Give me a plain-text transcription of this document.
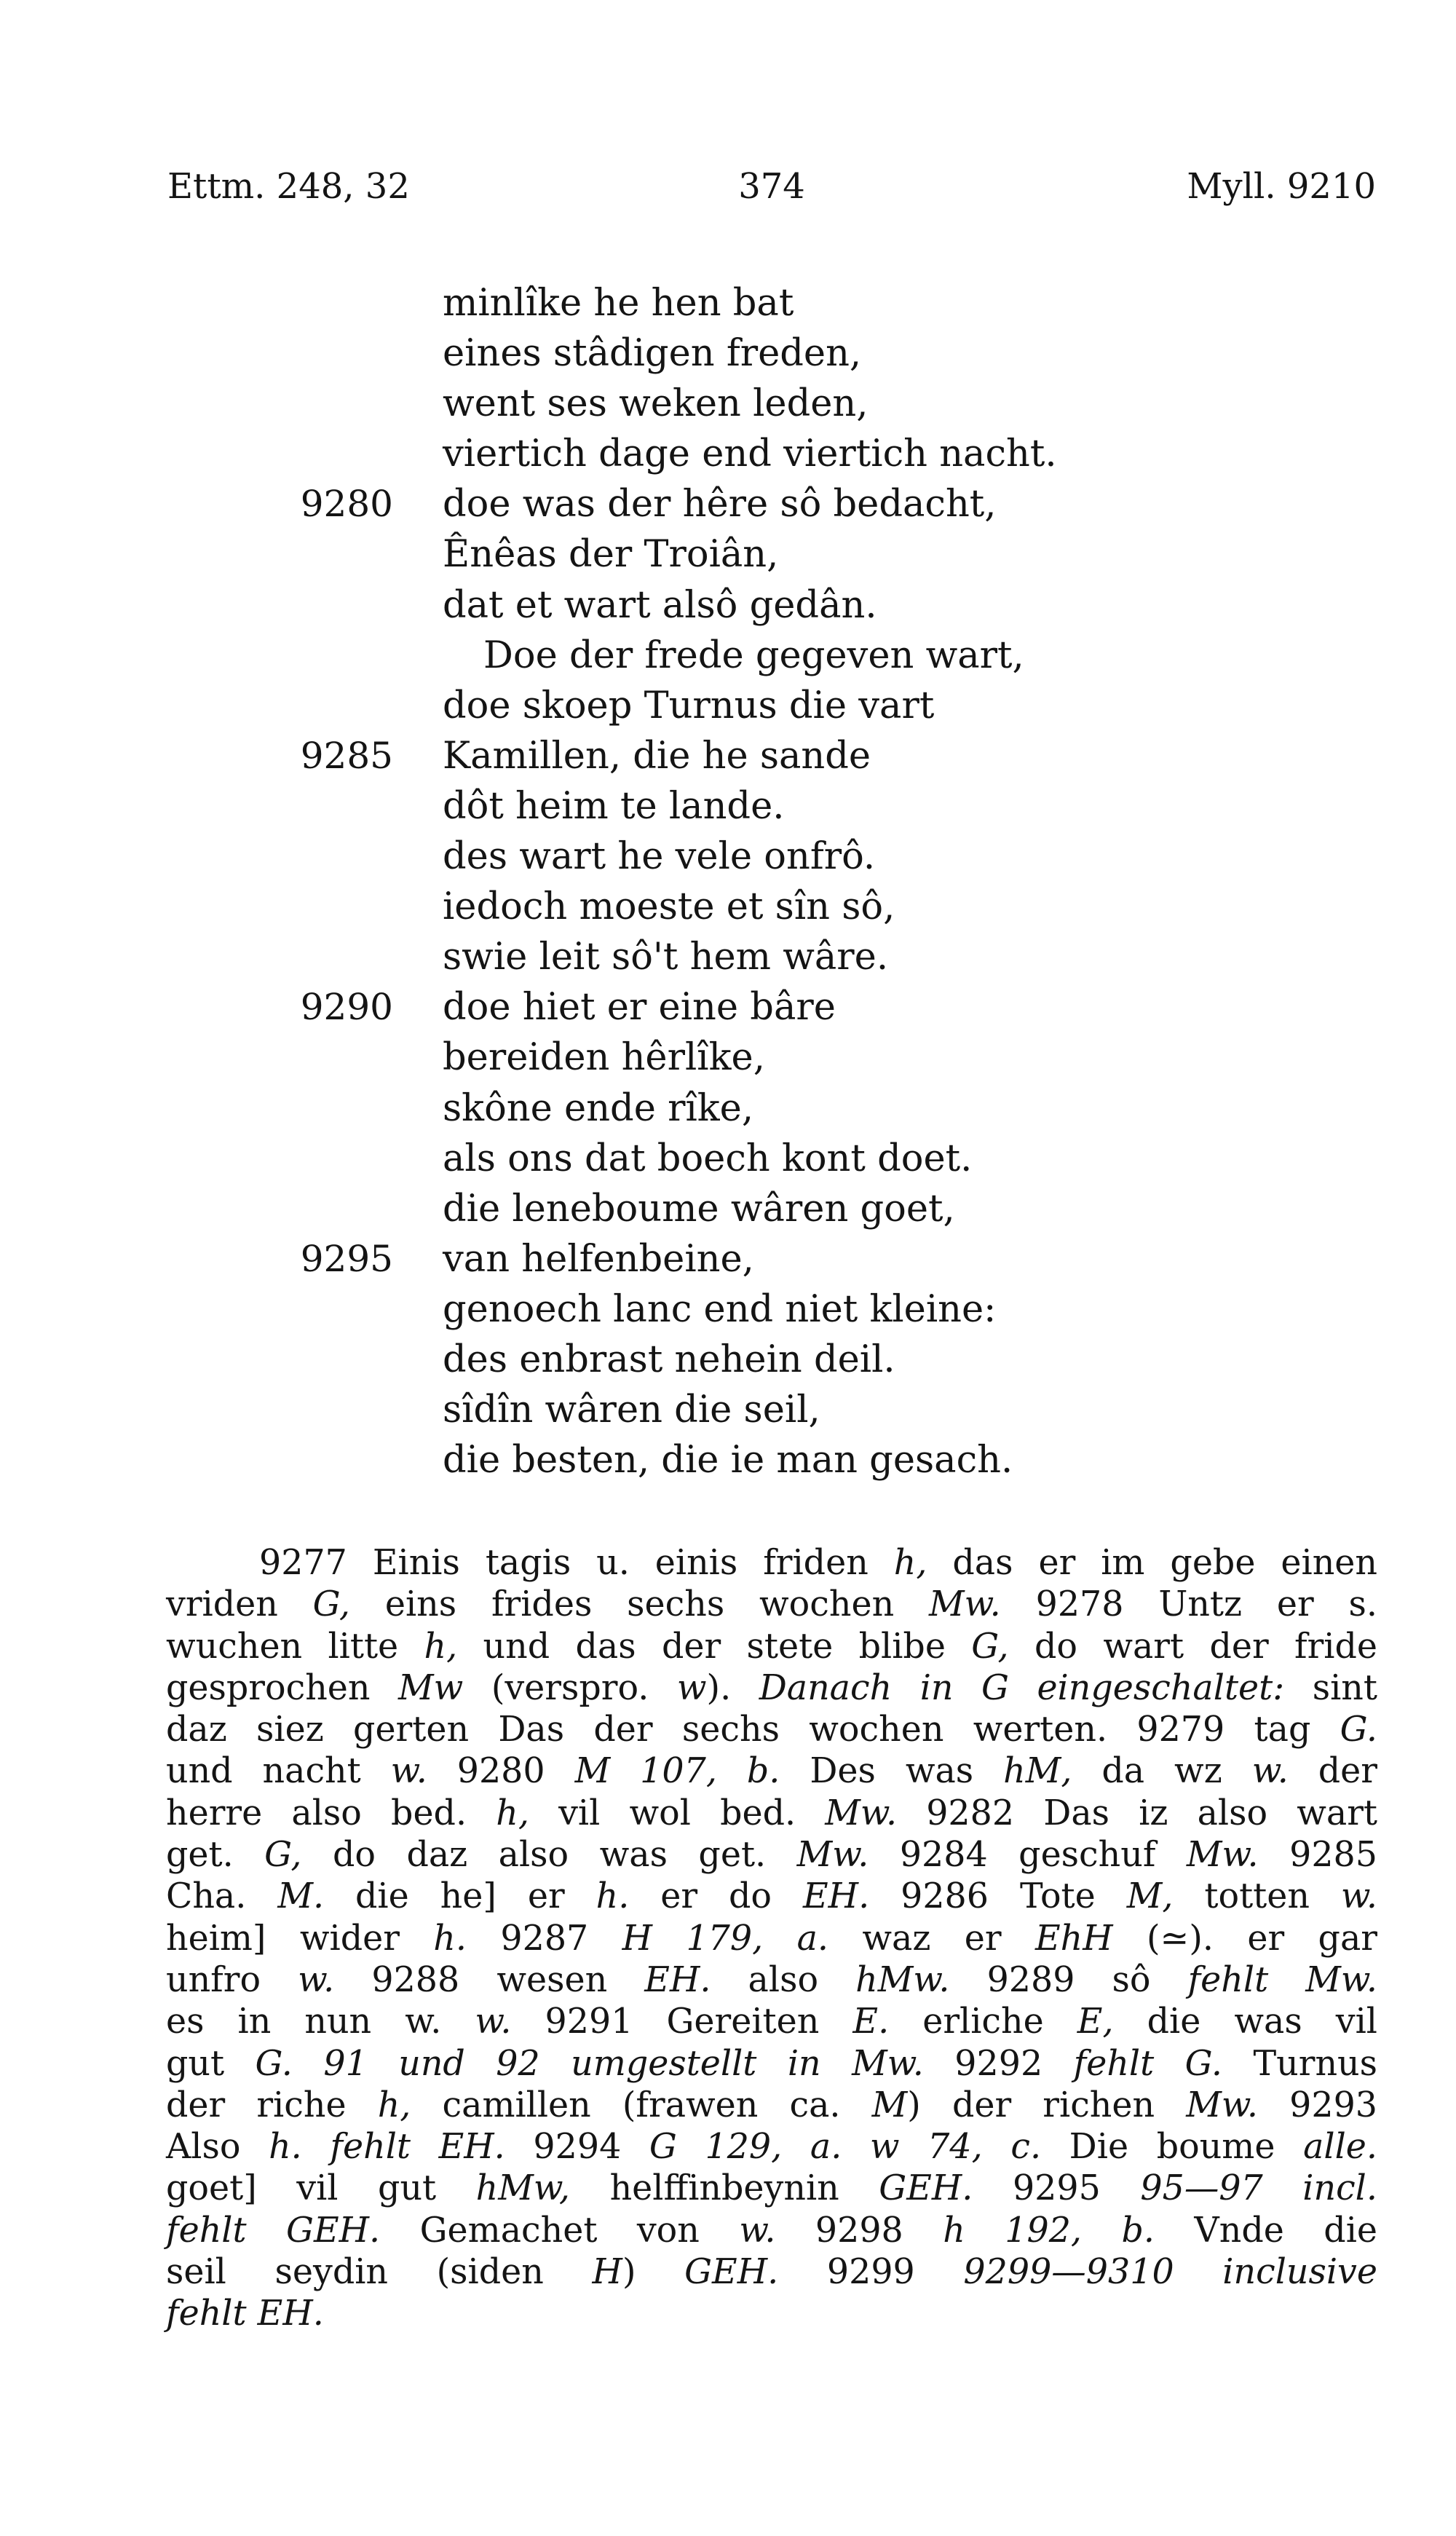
374
Ettm. 248, 32	Myll. 9210
minlîke he hen bat
eines stâdigen freden,
went ses weken leden,
viertich dage end viertich nacht.
9280 doe was der hêre sô bedacht,
Ênêas der Troiân,
dat et wart alsô gedân.
Doe der frede gegeven wart,
doe skoep Turnus die vart
9285 Kamillen, die he sande
dôt heim te lande.
des wart he vele onfrô.
iedoch moeste et sîn sô,
swie leit sô't hem wâre.
9290 doe hiet er eine bâre
bereiden hêrlîke,
skône ende rîke,
als ons dat boech kont doet.
die leneboume wâren goet,
9295 van helfenbeine,
genoech lanc end niet kleine:
des enbrast nehein deil.
sîdîn wâren die seil,
die besten, die ie man gesach.
9277 Einis tagis u. einis friden h, das er im gebe einen
vriden G, eins frides sechs wochen Mw. 9278 Untz er s.
wuchen litte h, und das der stete blibe G, do wart der fride
gesprochen Mw (verspro. w). Danach in G eingeschaltet: sint
daz siez gerten Das der sechs wochen werten. 9279 tag G.
und nacht w. 9280 M 107, b. Des was hM, da wz w. der
herre also bed. h, vil wol bed. Mw. 9282 Das iz also wart
get. G, do daz also was get. Mw. 9284 geschuf Mw. 9285
Cha. M. die he] er h. er do EH. 9286 Tote M, totten w.
heim] wider h. 9287 H 179, a. waz er EhH (≃). er gar
unfro w. 9288 wesen EH. also hMw. 9289 sô fehlt Mw.
es in nun w. w. 9291 Gereiten E. erliche E, die was vil
gut G. 91 und 92 umgestellt in Mw. 9292 fehlt G. Turnus
der riche h, camillen (frawen ca. M) der richen Mw. 9293
Also h. fehlt EH. 9294 G 129, a. w 74, c. Die boume alle.
goet] vil gut hMw, helffinbeynin GEH. 9295 95—97 incl.
fehlt GEH. Gemachet von w. 9298 h 192, b. Vnde die
seil seydin (siden H) GEH. 9299 9299—9310 inclusive
fehlt EH.
